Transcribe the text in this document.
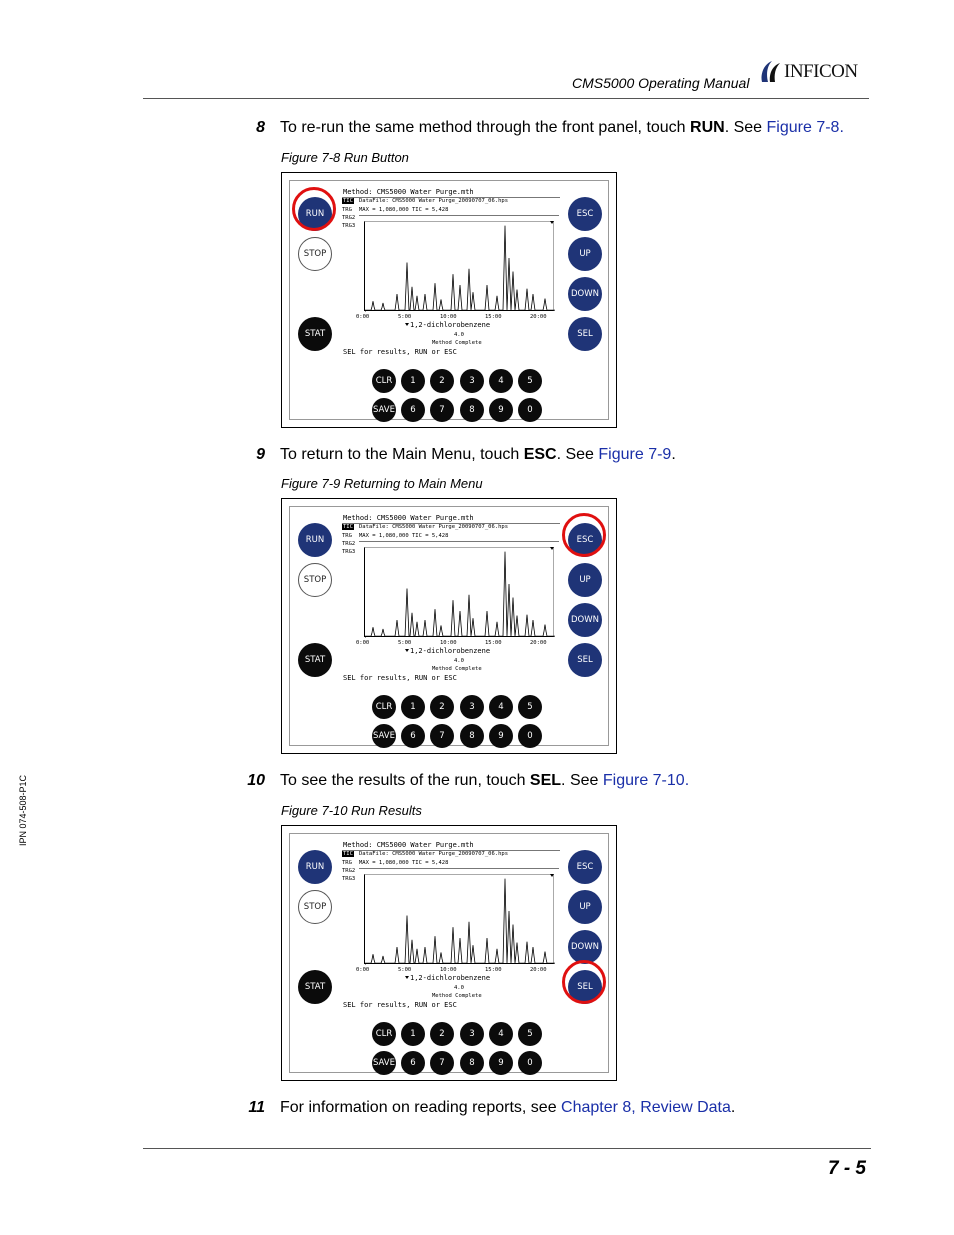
CMS5000 Operating Manual
INFICON
8 To re-run the same method through the front panel, touch RUN. See Figure 7-8.
Figure 7-8 Run Button
RUN
STOP
STAT
ESC
UP
DOWN
SEL
Method: CMS5000 Water Purge.mth
TIC DataFile: CMS5000 Water Purge_20090707_06.hps
TRG
TRG2
TRG3
MAX = 1,080,000 TIC = 5,428
0:00	5:00	10:00	15:00	20:00
1,2-dichlorobenzene
4.0
Method Complete
SEL for results, RUN or ESC
CLR	1	2	3	4	5
SAVE	6	7	8	9	0
9 To return to the Main Menu, touch ESC. See Figure 7-9.
Figure 7-9 Returning to Main Menu
RUN
STOP
STAT
ESC
UP
DOWN
SEL
Method: CMS5000 Water Purge.mth
TIC DataFile: CMS5000 Water Purge_20090707_06.hps
TRG
TRG2
TRG3
MAX = 1,080,000 TIC = 5,428
0:00	5:00	10:00	15:00	20:00
1,2-dichlorobenzene
4.0
Method Complete
SEL for results, RUN or ESC
CLR	1	2	3	4	5
SAVE	6	7	8	9	0
10 To see the results of the run, touch SEL. See Figure 7-10.
Figure 7-10 Run Results
RUN
STOP
STAT
ESC
UP
DOWN
SEL
Method: CMS5000 Water Purge.mth
TIC DataFile: CMS5000 Water Purge_20090707_06.hps
TRG
TRG2
TRG3
MAX = 1,080,000 TIC = 5,428
0:00	5:00	10:00	15:00	20:00
1,2-dichlorobenzene
4.0
Method Complete
SEL for results, RUN or ESC
CLR	1	2	3	4	5
SAVE	6	7	8	9	0
11 For information on reading reports, see Chapter 8, Review Data.
7 - 5
IPN 074-508-P1C
